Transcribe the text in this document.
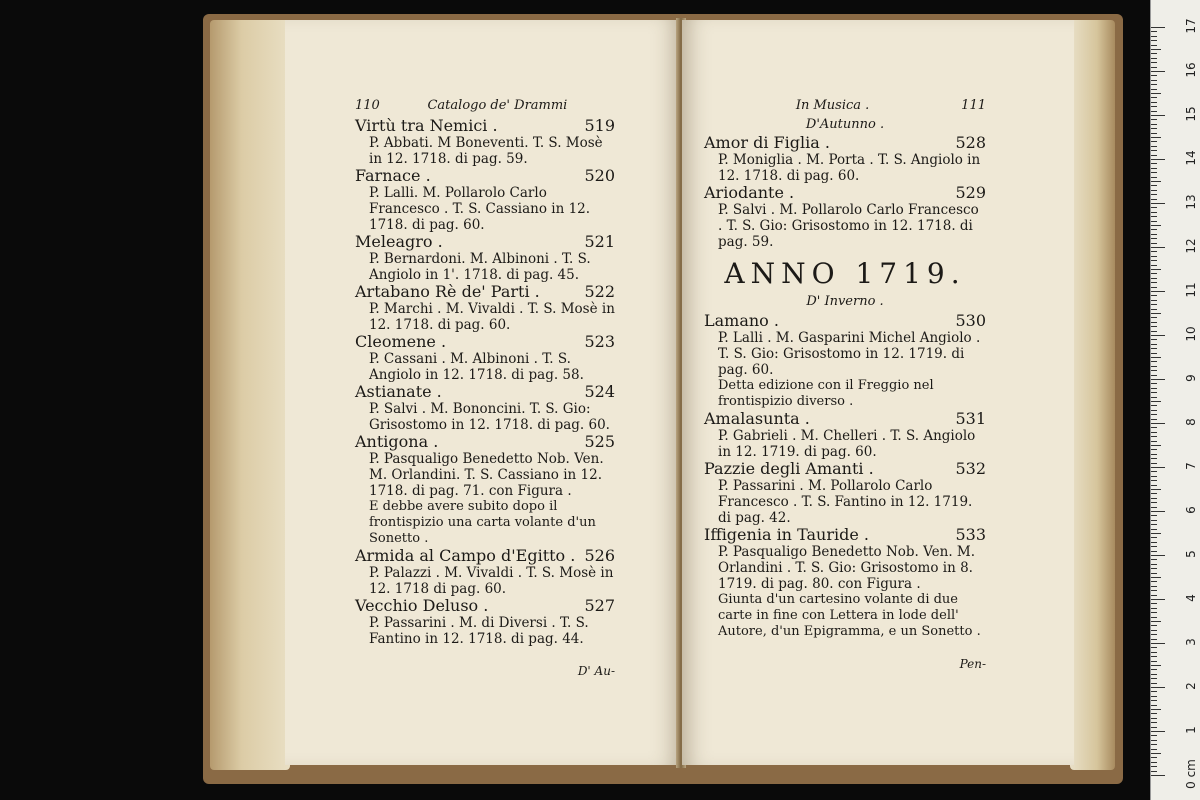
110	Catalogo de' Drammi
Virtù tra Nemici .	519
P. Abbati. M Boneventi. T. S. Mosè in 12. 1718. di pag. 59.
Farnace .	520
P. Lalli. M. Pollarolo Carlo Francesco . T. S. Cassiano in 12. 1718. di pag. 60.
Meleagro .	521
P. Bernardoni. M. Albinoni . T. S. Angiolo in 1'. 1718. di pag. 45.
Artabano Rè de' Parti .	522
P. Marchi . M. Vivaldi . T. S. Mosè in 12. 1718. di pag. 60.
Cleomene .	523
P. Cassani . M. Albinoni . T. S. Angiolo in 12. 1718. di pag. 58.
Astianate .	524
P. Salvi . M. Bononcini. T. S. Gio: Grisostomo in 12. 1718. di pag. 60.
Antigona .	525
P. Pasqualigo Benedetto Nob. Ven. M. Orlandini. T. S. Cassiano in 12. 1718. di pag. 71. con Figura .
E debbe avere subito dopo il frontispizio una carta volante d'un Sonetto .
Armida al Campo d'Egitto . 526
P. Palazzi . M. Vivaldi . T. S. Mosè in 12. 1718 di pag. 60.
Vecchio Deluso .	527
P. Passarini . M. di Diversi . T. S. Fantino in 12. 1718. di pag. 44.
D' Au-
In Musica .	111
D'Autunno .
Amor di Figlia .	528
P. Moniglia . M. Porta . T. S. Angiolo in 12. 1718. di pag. 60.
Ariodante .	529
P. Salvi . M. Pollarolo Carlo Francesco . T. S. Gio: Grisostomo in 12. 1718. di pag. 59.
ANNO 1719.
D' Inverno .
Lamano .	530
P. Lalli . M. Gasparini Michel Angiolo . T. S. Gio: Grisostomo in 12. 1719. di pag. 60.
Detta edizione con il Freggio nel frontispizio diverso .
Amalasunta .	531
P. Gabrieli . M. Chelleri . T. S. Angiolo in 12. 1719. di pag. 60.
Pazzie degli Amanti .	532
P. Passarini . M. Pollarolo Carlo Francesco . T. S. Fantino in 12. 1719. di pag. 42.
Iffigenia in Tauride .	533
P. Pasqualigo Benedetto Nob. Ven. M. Orlandini . T. S. Gio: Grisostomo in 8. 1719. di pag. 80. con Figura .
Giunta d'un cartesino volante di due carte in fine con Lettera in lode dell' Autore, d'un Epigramma, e un Sonetto .
Pen-
0 cm
1
2
3
4
5
6
7
8
9
10
11
12
13
14
15
16
17
